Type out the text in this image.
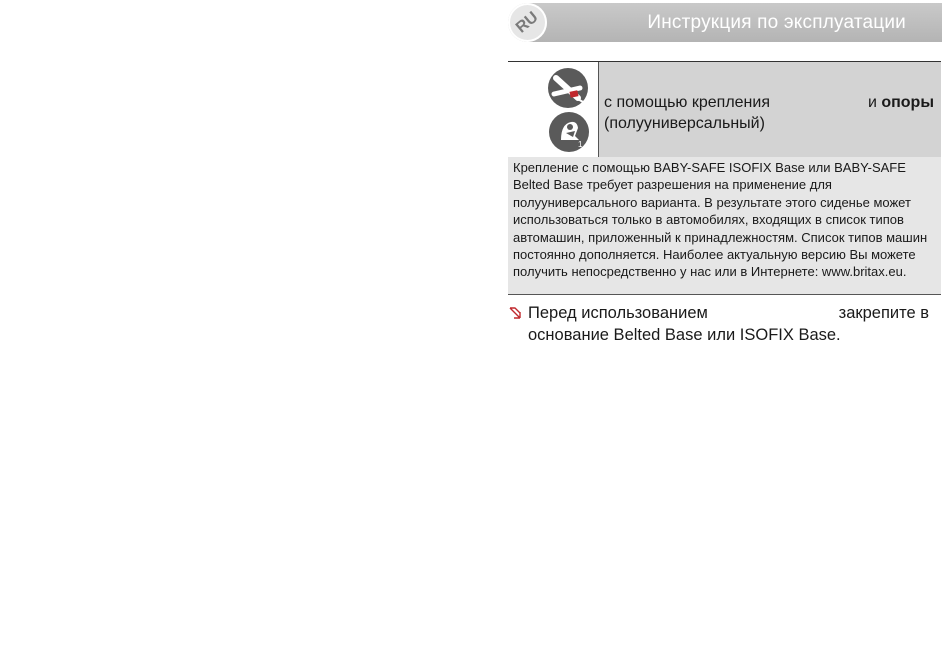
RU	Инструкция по эксплуатации
1
с помощью крепления	и опоры
(полууниверсальный)

Крепление с помощью BABY-SAFE ISOFIX Base или BABY-SAFE Belted Base требует разрешения на применение для полууниверсального варианта. В результате этого сиденье может использоваться только в автомобилях, входящих в список типов автомашин, приложенный к принадлежностям. Список типов машин постоянно дополняется. Наиболее актуальную версию Вы можете получить непосредственно у нас или в Интернете: www.britax.eu.

Перед использованием	закрепите в
основание Belted Base или ISOFIX Base.
